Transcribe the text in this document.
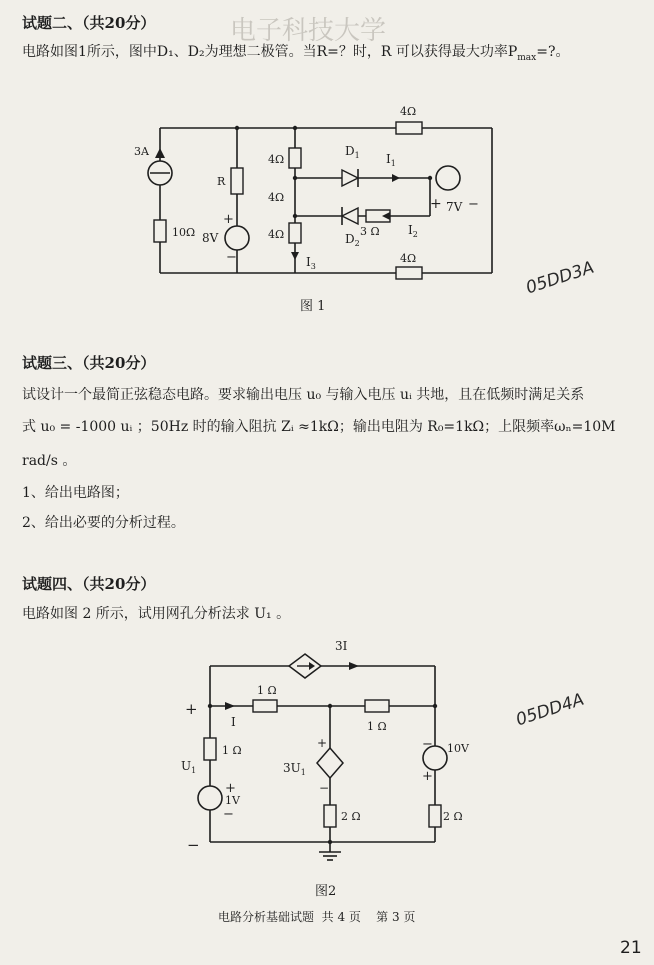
电子科技大学
试题二、（共20分）
电路如图1所示，图中D₁、D₂为理想二极管。当R=？时，R 可以获得最大功率$P_{max}=$?。
3A
10Ω
R
8V
+
−
4Ω
4Ω
4Ω
4Ω
4Ω
3 Ω
$D_1$
$D_2$
$I_1$
$I_2$
$I_3$
+ 7V −
图 1
05DD3A
试题三、（共20分）
试设计一个最简正弦稳态电路。要求输出电压 u₀ 与输入电压 uᵢ 共地，且在低频时满足关系
式 u₀ = -1000 uᵢ ；50Hz 时的输入阻抗 Zᵢ ≈1kΩ；输出电阻为 R₀=1kΩ；上限频率ωₙ=10M
rad/s 。
1、给出电路图；
2、给出必要的分析过程。
试题四、（共20分）
电路如图 2 所示，试用网孔分析法求 U₁ 。
05DD4A
3I
+
−
I
1 Ω
1 Ω
1 Ω
2 Ω	2 Ω
$U_1$	$3U_1$
+
−
+
1V
−
10V
−
+
图2
电路分析基础试题  共 4 页    第 3 页
21
